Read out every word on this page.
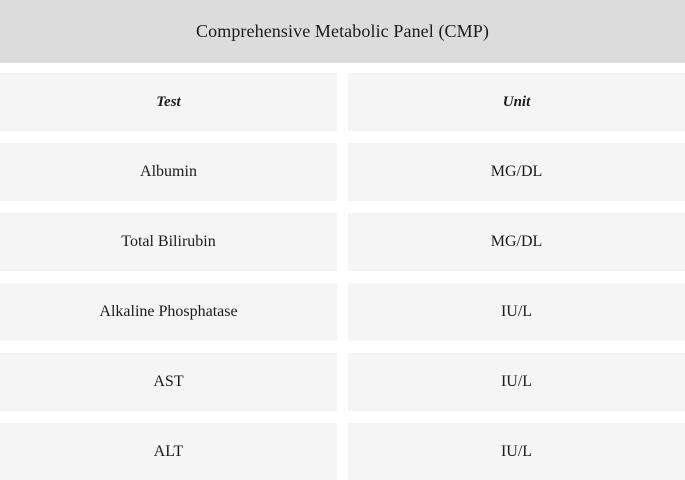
Comprehensive Metabolic Panel (CMP)
Test	Unit
Albumin	MG/DL
Total Bilirubin	MG/DL
Alkaline Phosphatase	IU/L
AST	IU/L
ALT	IU/L
